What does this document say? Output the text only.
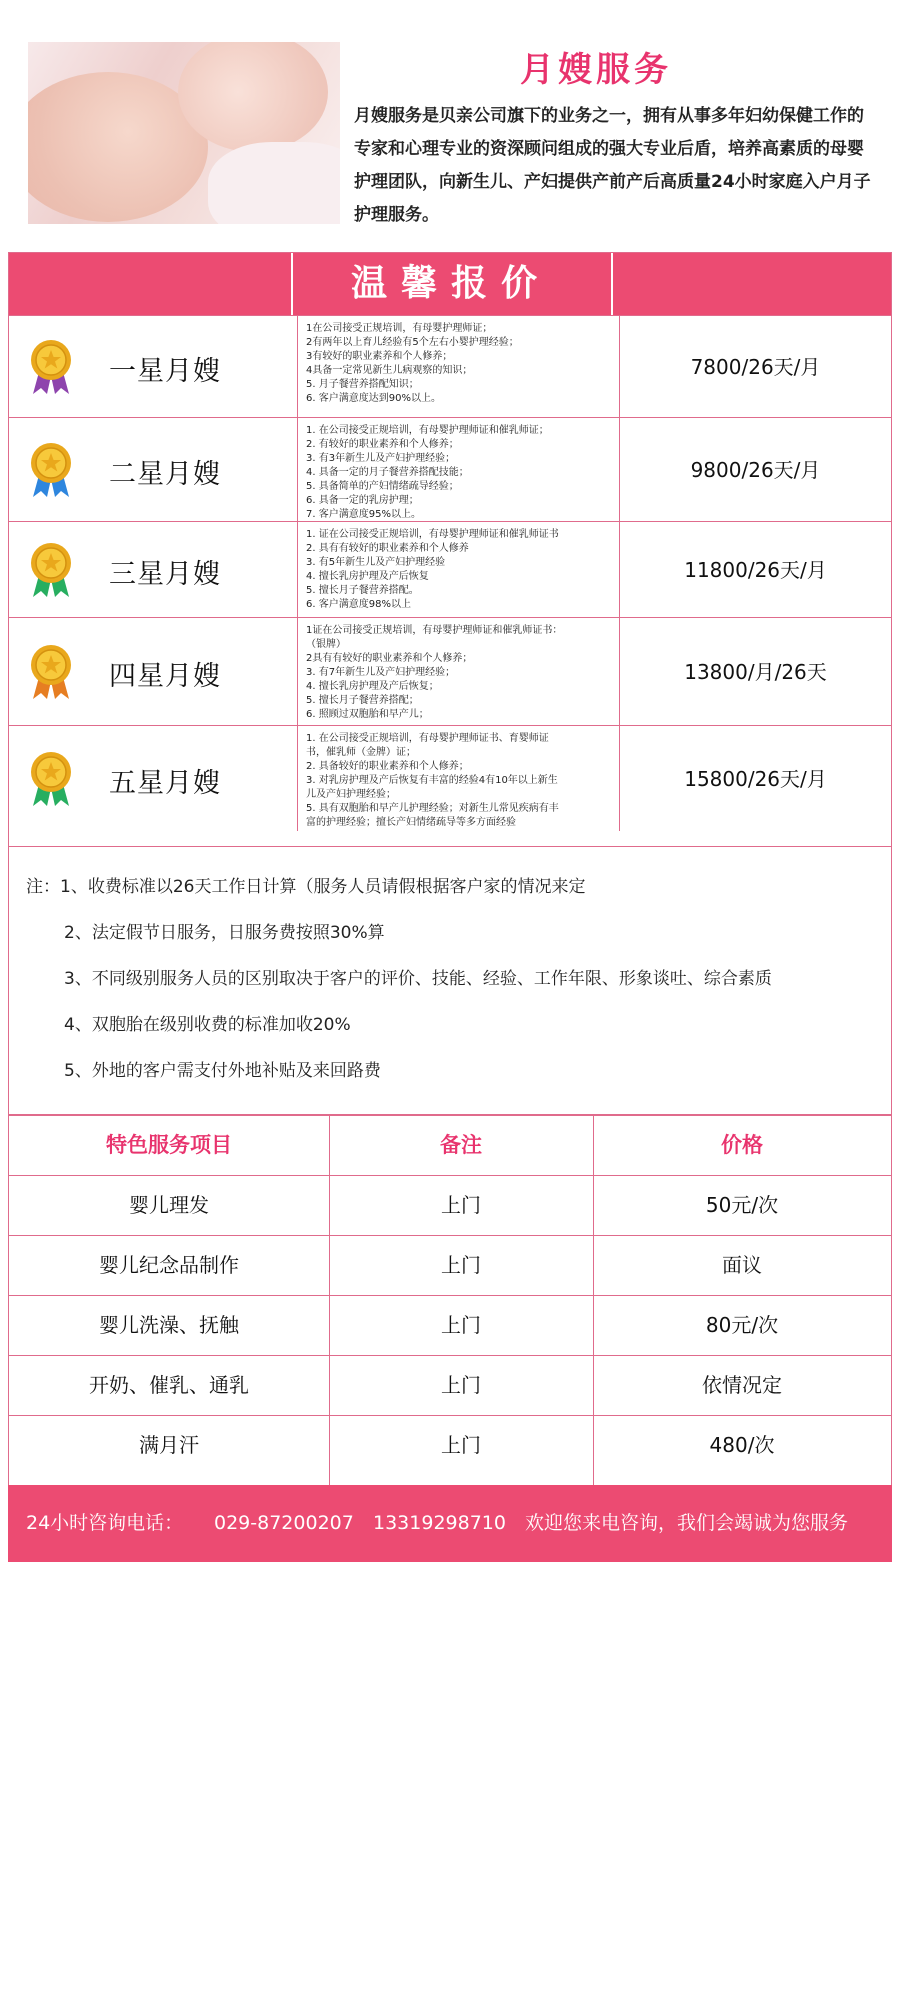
月嫂服务
月嫂服务是贝亲公司旗下的业务之一，拥有从事多年妇幼保健工作的专家和心理专业的资深顾问组成的强大专业后盾，培养高素质的母婴护理团队，向新生儿、产妇提供产前产后高质量24小时家庭入户月子护理服务。
温馨报价
一星月嫂
1在公司接受正规培训，有母婴护理师证；
2有两年以上育儿经验有5个左右小婴护理经验；
3有较好的职业素养和个人修养；
4具备一定常见新生儿病观察的知识；
5. 月子餐营养搭配知识；
6. 客户满意度达到90%以上。
7800/26天/月
二星月嫂
1. 在公司接受正规培训，有母婴护理师证和催乳师证；
2. 有较好的职业素养和个人修养；
3. 有3年新生儿及产妇护理经验；
4. 具备一定的月子餐营养搭配技能；
5. 具备简单的产妇情绪疏导经验；
6. 具备一定的乳房护理；
7. 客户满意度95%以上。
9800/26天/月
三星月嫂
1. 证在公司接受正规培训，有母婴护理师证和催乳师证书
2. 具有有较好的职业素养和个人修养
3. 有5年新生儿及产妇护理经验
4. 擅长乳房护理及产后恢复
5. 擅长月子餐营养搭配。
6. 客户满意度98%以上
11800/26天/月
四星月嫂
1证在公司接受正规培训，有母婴护理师证和催乳师证书：
（银牌）
2具有有较好的职业素养和个人修养；
3. 有7年新生儿及产妇护理经验；
4. 擅长乳房护理及产后恢复；
5. 擅长月子餐营养搭配；
6. 照顾过双胞胎和早产儿；
13800/月/26天
五星月嫂
1. 在公司接受正规培训，有母婴护理师证书、育婴师证
书，催乳师（金牌）证；
2. 具备较好的职业素养和个人修养；
3. 对乳房护理及产后恢复有丰富的经验4有10年以上新生
儿及产妇护理经验；
5. 具有双胞胎和早产儿护理经验；对新生儿常见疾病有丰
富的护理经验；擅长产妇情绪疏导等多方面经验
15800/26天/月
注：1、收费标准以26天工作日计算（服务人员请假根据客户家的情况来定
2、法定假节日服务，日服务费按照30%算
3、不同级别服务人员的区别取决于客户的评价、技能、经验、工作年限、形象谈吐、综合素质
4、双胞胎在级别收费的标准加收20%
5、外地的客户需支付外地补贴及来回路费
特色服务项目	备注	价格
婴儿理发	上门	50元/次
婴儿纪念品制作	上门	面议
婴儿洗澡、抚触	上门	80元/次
开奶、催乳、通乳	上门	依情况定
满月汗	上门	480/次
24小时咨询电话： 029-87200207 13319298710 欢迎您来电咨询，我们会竭诚为您服务
